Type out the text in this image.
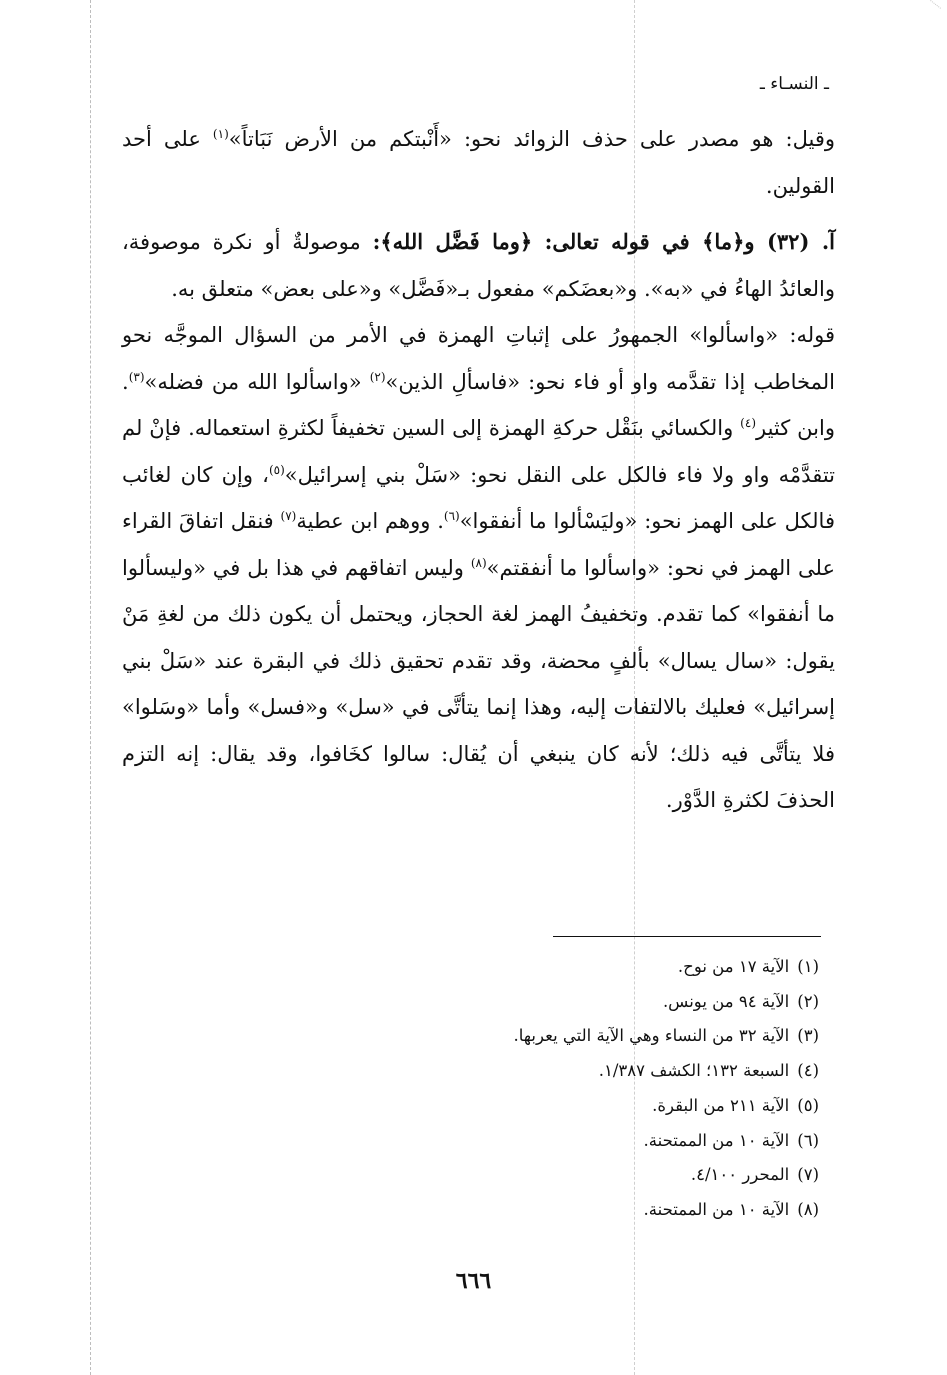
ـ النسـاء ـ

وقيل: هو مصدر على حذف الزوائد نحو: «أَنْبتكم من الأرض نَبَاتاً»$^{(١)}$ على أحد القولين.

آ. (٣٢) و﴿ما﴾ في قوله تعالى: ﴿وما فَضَّل الله﴾: موصولةٌ أو نكرة موصوفة، والعائدُ الهاءُ في «به». و«بعضَكم» مفعول بـ«فَضَّل» و«على بعض» متعلق به.

قوله: «واسألوا» الجمهورُ على إثباتِ الهمزة في الأمر من السؤال الموجَّه نحو المخاطب إذا تقدَّمه واو أو فاء نحو: «فاسألِ الذين»$^{(٢)}$ «واسألوا الله من فضله»$^{(٣)}$. وابن كثير$^{(٤)}$ والكسائي بنَقْل حركةِ الهمزة إلى السين تخفيفاً لكثرةِ استعماله. فإنْ لم تتقدَّمْه واو ولا فاء فالكل على النقل نحو: «سَلْ بني إسرائيل»$^{(٥)}$، وإن كان لغائب فالكل على الهمز نحو: «وليَسْألوا ما أنفقوا»$^{(٦)}$. ووهم ابن عطية$^{(٧)}$ فنقل اتفاقَ القراء على الهمز في نحو: «واسألوا ما أنفقتم»$^{(٨)}$ وليس اتفاقهم في هذا بل في «وليسألوا ما أنفقوا» كما تقدم. وتخفيفُ الهمز لغة الحجاز، ويحتمل أن يكون ذلك من لغةِ مَنْ يقول: «سال يسال» بألفٍ محضة، وقد تقدم تحقيق ذلك في البقرة عند «سَلْ بني إسرائيل» فعليك بالالتفات إليه، وهذا إنما يتأتَّى في «سل» و«فسل» وأما «وسَلوا» فلا يتأتَّى فيه ذلك؛ لأنه كان ينبغي أن يُقال: سالوا كخَافوا، وقد يقال: إنه التزم الحذفَ لكثرةِ الدَّوْر.

(١)الآية ١٧ من نوح.
(٢)الآية ٩٤ من يونس.
(٣)الآية ٣٢ من النساء وهي الآية التي يعربها.
(٤)السبعة ١٣٢؛ الكشف ١/٣٨٧.
(٥)الآية ٢١١ من البقرة.
(٦)الآية ١٠ من الممتحنة.
(٧)المحرر ٤/١٠٠.
(٨)الآية ١٠ من الممتحنة.
٦٦٦
